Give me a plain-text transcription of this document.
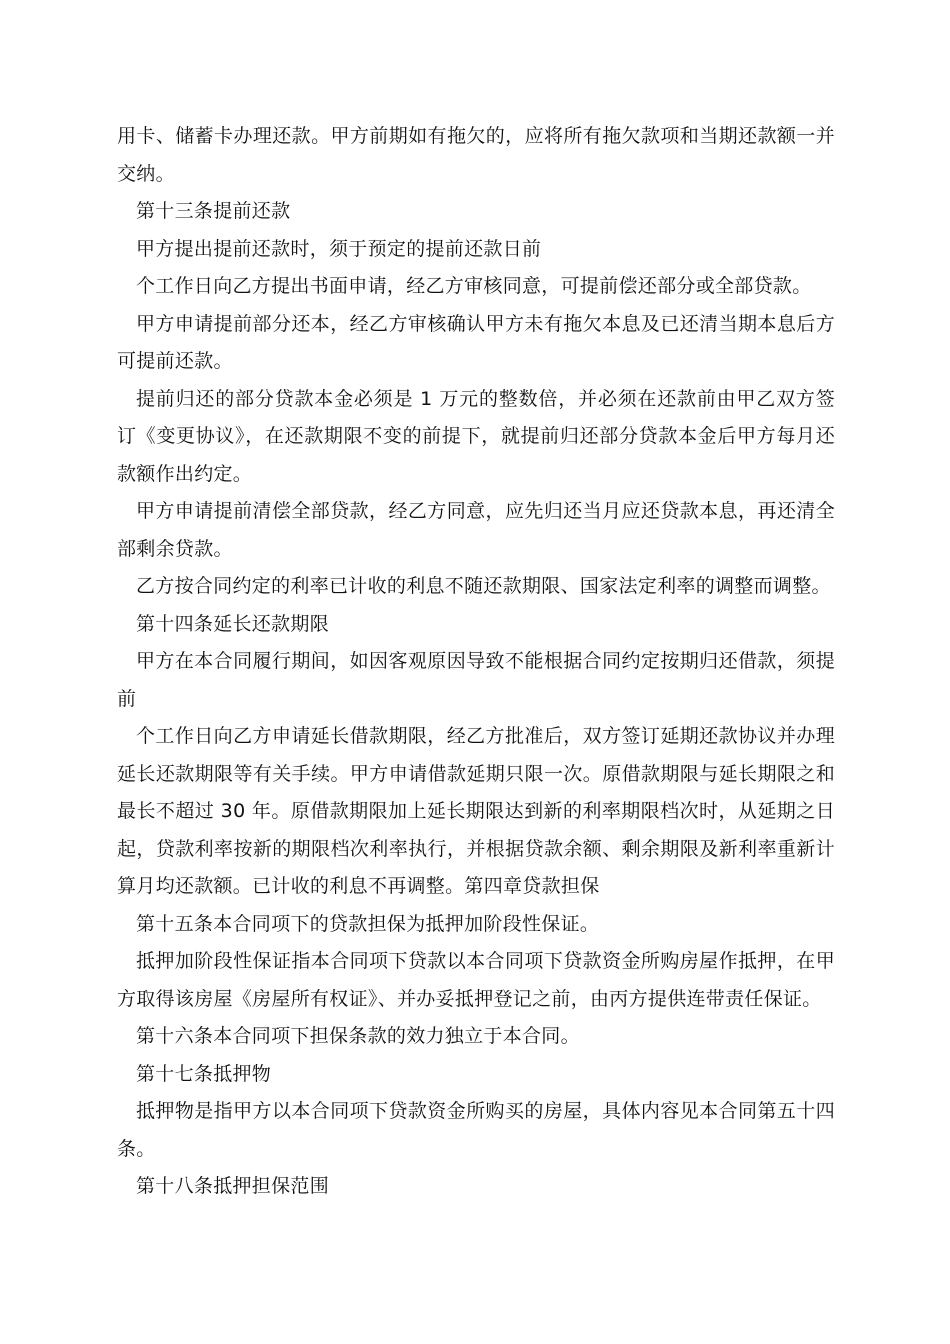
用卡、储蓄卡办理还款。甲方前期如有拖欠的，应将所有拖欠款项和当期还款额一并交纳。

第十三条提前还款

甲方提出提前还款时，须于预定的提前还款日前

个工作日向乙方提出书面申请，经乙方审核同意，可提前偿还部分或全部贷款。

甲方申请提前部分还本，经乙方审核确认甲方未有拖欠本息及已还清当期本息后方可提前还款。

提前归还的部分贷款本金必须是 1 万元的整数倍，并必须在还款前由甲乙双方签订《变更协议》，在还款期限不变的前提下，就提前归还部分贷款本金后甲方每月还款额作出约定。

甲方申请提前清偿全部贷款，经乙方同意，应先归还当月应还贷款本息，再还清全部剩余贷款。

乙方按合同约定的利率已计收的利息不随还款期限、国家法定利率的调整而调整。

第十四条延长还款期限

甲方在本合同履行期间，如因客观原因导致不能根据合同约定按期归还借款，须提前

个工作日向乙方申请延长借款期限，经乙方批准后，双方签订延期还款协议并办理延长还款期限等有关手续。甲方申请借款延期只限一次。原借款期限与延长期限之和最长不超过 30 年。原借款期限加上延长期限达到新的利率期限档次时，从延期之日起，贷款利率按新的期限档次利率执行，并根据贷款余额、剩余期限及新利率重新计算月均还款额。已计收的利息不再调整。第四章贷款担保

第十五条本合同项下的贷款担保为抵押加阶段性保证。

抵押加阶段性保证指本合同项下贷款以本合同项下贷款资金所购房屋作抵押，在甲方取得该房屋《房屋所有权证》、并办妥抵押登记之前，由丙方提供连带责任保证。

第十六条本合同项下担保条款的效力独立于本合同。

第十七条抵押物

抵押物是指甲方以本合同项下贷款资金所购买的房屋，具体内容见本合同第五十四条。

第十八条抵押担保范围
